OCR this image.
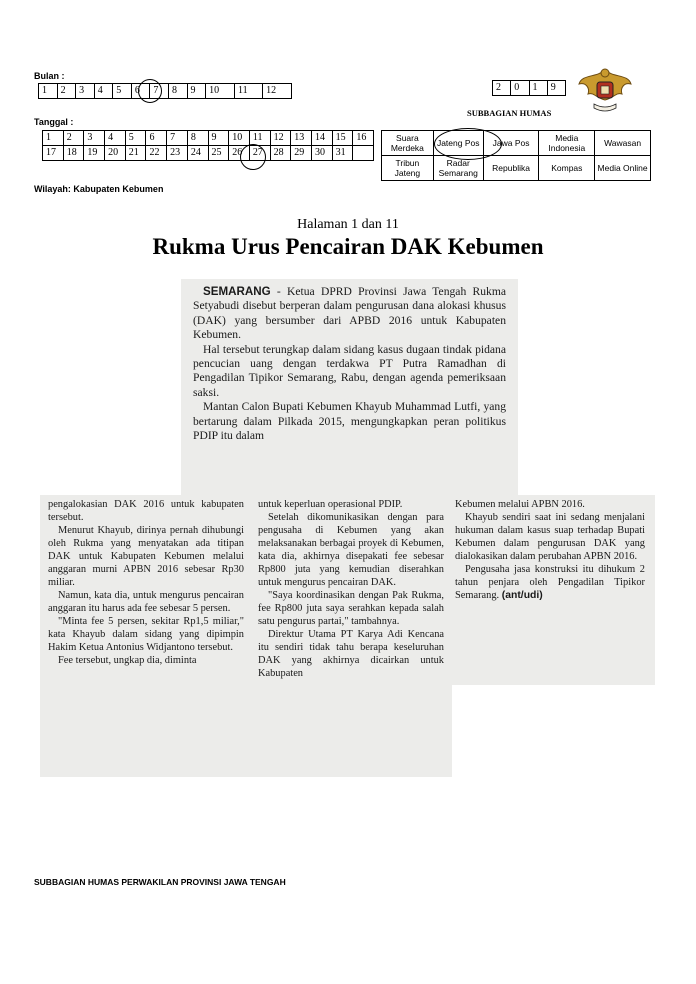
Bulan :
1	2	3	4	5	6	7	8	9	10	11	12
Tanggal :
1	2	3	4	5	6	7	8	9	10	11	12	13	14	15	16
17	18	19	20	21	22	23	24	25	26	27	28	29	30	31	
Wilayah: Kabupaten Kebumen
2	0	1	9
SUBBAGIAN HUMAS
Suara Merdeka	Jateng Pos	Jawa Pos	Media Indonesia	Wawasan
Tribun Jateng	Radar Semarang	Republika	Kompas	Media Online
Halaman 1 dan 11
Rukma Urus Pencairan DAK Kebumen

SEMARANG - Ketua DPRD Provinsi Jawa Tengah Rukma Setyabudi disebut berperan dalam pengurusan dana alokasi khusus (DAK) yang bersumber dari APBD 2016 untuk Kabupaten Kebumen.

Hal tersebut terungkap dalam sidang kasus dugaan tindak pidana pencucian uang dengan terdakwa PT Putra Ramadhan di Pengadilan Tipikor Semarang, Rabu, dengan agenda pemeriksaan saksi.

Mantan Calon Bupati Kebumen Khayub Muhammad Lutfi, yang bertarung dalam Pilkada 2015, mengungkapkan peran politikus PDIP itu dalam

pengalokasian DAK 2016 untuk kabupaten tersebut.

Menurut Khayub, dirinya pernah dihubungi oleh Rukma yang menyatakan ada titipan DAK untuk Kabupaten Kebumen melalui anggaran murni APBN 2016 sebesar Rp30 miliar.

Namun, kata dia, untuk mengurus pencairan anggaran itu harus ada fee sebesar 5 persen.

"Minta fee 5 persen, sekitar Rp1,5 miliar," kata Khayub dalam sidang yang dipimpin Hakim Ketua Antonius Widjantono tersebut.

Fee tersebut, ungkap dia, diminta

untuk keperluan operasional PDIP.

Setelah dikomunikasikan dengan para pengusaha di Kebumen yang akan melaksanakan berbagai proyek di Kebumen, kata dia, akhirnya disepakati fee sebesar Rp800 juta yang kemudian diserahkan untuk mengurus pencairan DAK.

"Saya koordinasikan dengan Pak Rukma, fee Rp800 juta saya serahkan kepada salah satu pengurus partai," tambahnya.

Direktur Utama PT Karya Adi Kencana itu sendiri tidak tahu berapa keseluruhan DAK yang akhirnya dicairkan untuk Kabupaten

Kebumen melalui APBN 2016.

Khayub sendiri saat ini sedang menjalani hukuman dalam kasus suap terhadap Bupati Kebumen dalam pengurusan DAK yang dialokasikan dalam perubahan APBN 2016.

Pengusaha jasa konstruksi itu dihukum 2 tahun penjara oleh Pengadilan Tipikor Semarang. (ant/udi)

SUBBAGIAN HUMAS PERWAKILAN PROVINSI JAWA TENGAH
